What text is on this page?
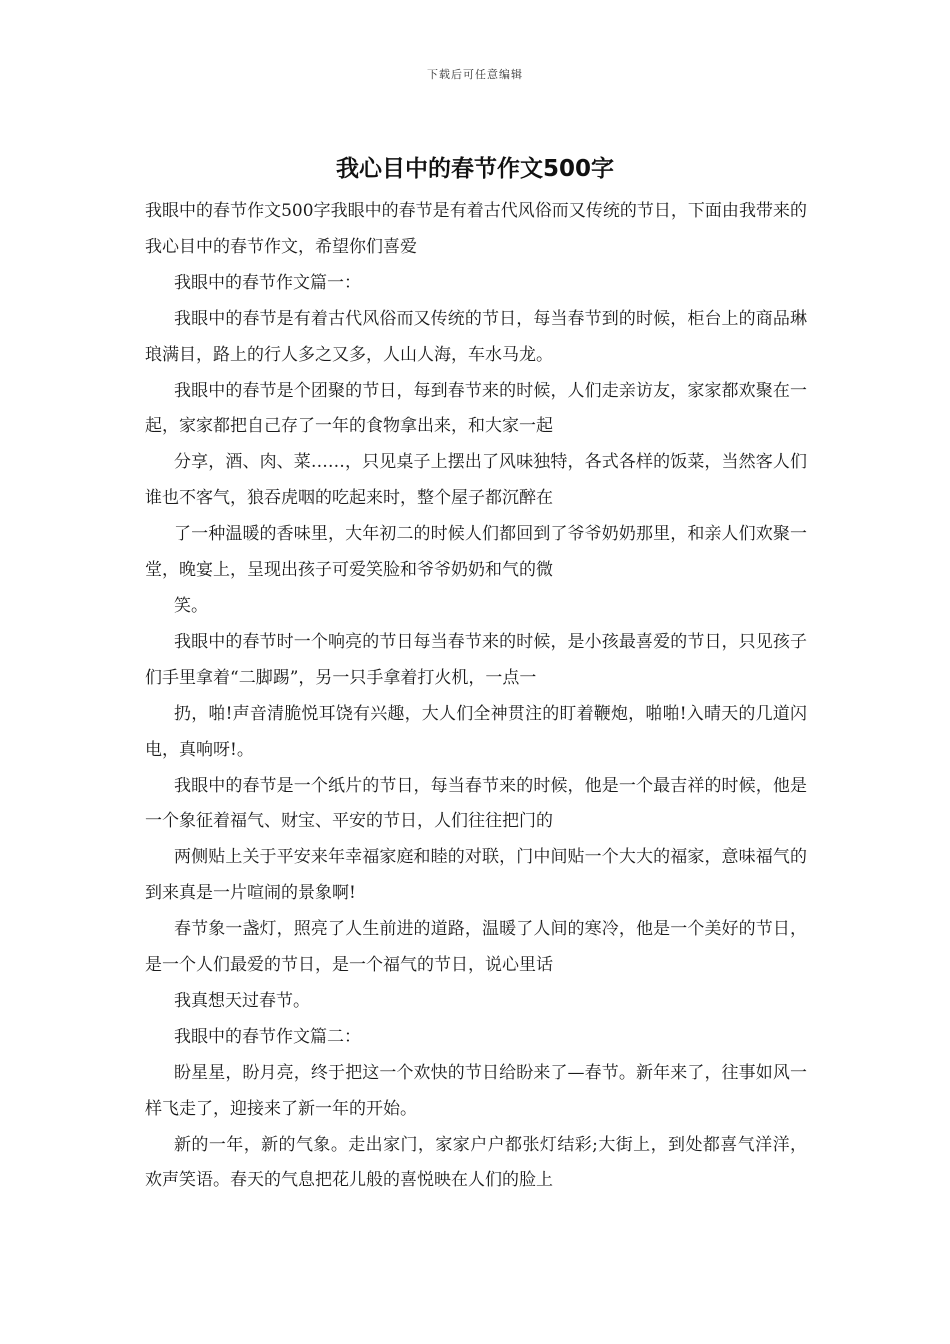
下载后可任意编辑
我心目中的春节作文500字

我眼中的春节作文500字我眼中的春节是有着古代风俗而又传统的节日，下面由我带来的我心目中的春节作文，希望你们喜爱

我眼中的春节作文篇一：

我眼中的春节是有着古代风俗而又传统的节日，每当春节到的时候，柜台上的商品琳琅满目，路上的行人多之又多，人山人海，车水马龙。

我眼中的春节是个团聚的节日，每到春节来的时候，人们走亲访友，家家都欢聚在一起，家家都把自己存了一年的食物拿出来，和大家一起

分享，酒、肉、菜……，只见桌子上摆出了风味独特，各式各样的饭菜，当然客人们谁也不客气，狼吞虎咽的吃起来时，整个屋子都沉醉在

了一种温暖的香味里，大年初二的时候人们都回到了爷爷奶奶那里，和亲人们欢聚一堂，晚宴上，呈现出孩子可爱笑脸和爷爷奶奶和气的微

笑。

我眼中的春节时一个响亮的节日每当春节来的时候，是小孩最喜爱的节日，只见孩子们手里拿着“二脚踢”，另一只手拿着打火机，一点一

扔，啪!声音清脆悦耳饶有兴趣，大人们全神贯注的盯着鞭炮，啪啪!入晴天的几道闪电，真响呀!。

我眼中的春节是一个纸片的节日，每当春节来的时候，他是一个最吉祥的时候，他是一个象征着福气、财宝、平安的节日，人们往往把门的

两侧贴上关于平安来年幸福家庭和睦的对联，门中间贴一个大大的福家，意味福气的到来真是一片喧闹的景象啊!

春节象一盏灯，照亮了人生前进的道路，温暖了人间的寒冷，他是一个美好的节日，是一个人们最爱的节日，是一个福气的节日，说心里话

我真想天过春节。

我眼中的春节作文篇二：

盼星星，盼月亮，终于把这一个欢快的节日给盼来了—春节。新年来了，往事如风一样飞走了，迎接来了新一年的开始。

新的一年，新的气象。走出家门，家家户户都张灯结彩;大街上，到处都喜气洋洋，欢声笑语。春天的气息把花儿般的喜悦映在人们的脸上
